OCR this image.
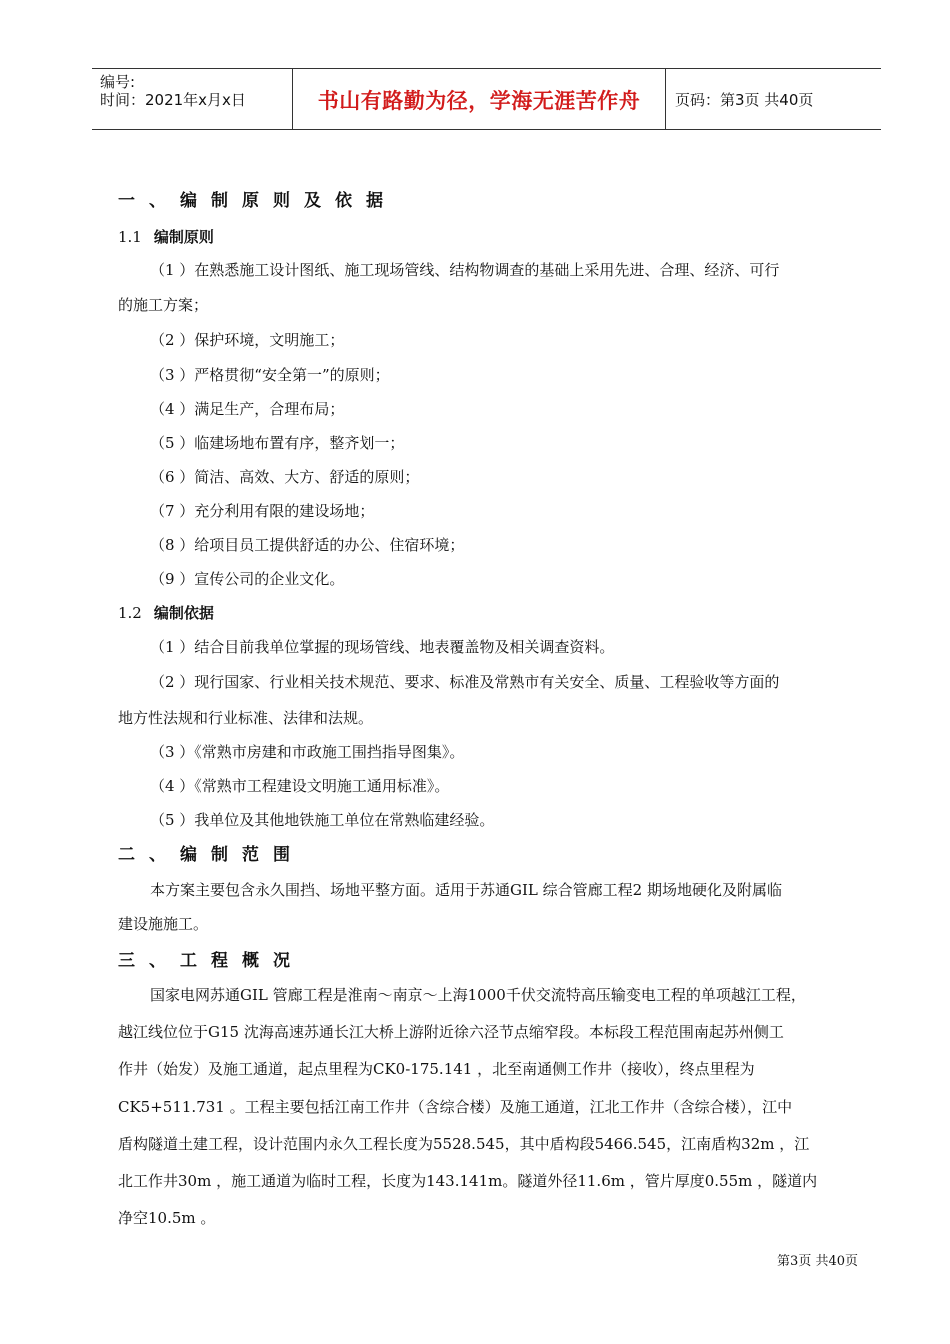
编号:
时间：2021年x月x日	书山有路勤为径，学海无涯苦作舟	页码：第3页 共40页
一、编制原则及依据
1.1 编制原则
（1 ）在熟悉施工设计图纸、施工现场管线、结构物调查的基础上采用先进、合理、经济、可行
的施工方案；
（2 ）保护环境，文明施工；
（3 ）严格贯彻“安全第一”的原则；
（4 ）满足生产，合理布局；
（5 ）临建场地布置有序，整齐划一；
（6 ）简洁、高效、大方、舒适的原则；
（7 ）充分利用有限的建设场地；
（8 ）给项目员工提供舒适的办公、住宿环境；
（9 ）宣传公司的企业文化。
1.2 编制依据
（1 ）结合目前我单位掌握的现场管线、地表覆盖物及相关调查资料。
（2 ）现行国家、行业相关技术规范、要求、标准及常熟市有关安全、质量、工程验收等方面的
地方性法规和行业标准、法律和法规。
（3 ）《常熟市房建和市政施工围挡指导图集》。
（4 ）《常熟市工程建设文明施工通用标准》。
（5 ）我单位及其他地铁施工单位在常熟临建经验。
二、编制范围
本方案主要包含永久围挡、场地平整方面。适用于苏通GIL 综合管廊工程2 期场地硬化及附属临
建设施施工。
三、工程概况
国家电网苏通GIL 管廊工程是淮南～南京～上海1000千伏交流特高压输变电工程的单项越江工程，
越江线位位于G15 沈海高速苏通长江大桥上游附近徐六泾节点缩窄段。本标段工程范围南起苏州侧工
作井（始发）及施工通道，起点里程为CK0-175.141 ，北至南通侧工作井（接收），终点里程为
CK5+511.731 。工程主要包括江南工作井（含综合楼）及施工通道，江北工作井（含综合楼），江中
盾构隧道土建工程，设计范围内永久工程长度为5528.545，其中盾构段5466.545，江南盾构32m ，江
北工作井30m ，施工通道为临时工程，长度为143.141m。隧道外径11.6m ，管片厚度0.55m ，隧道内
净空10.5m 。
第3页 共40页
